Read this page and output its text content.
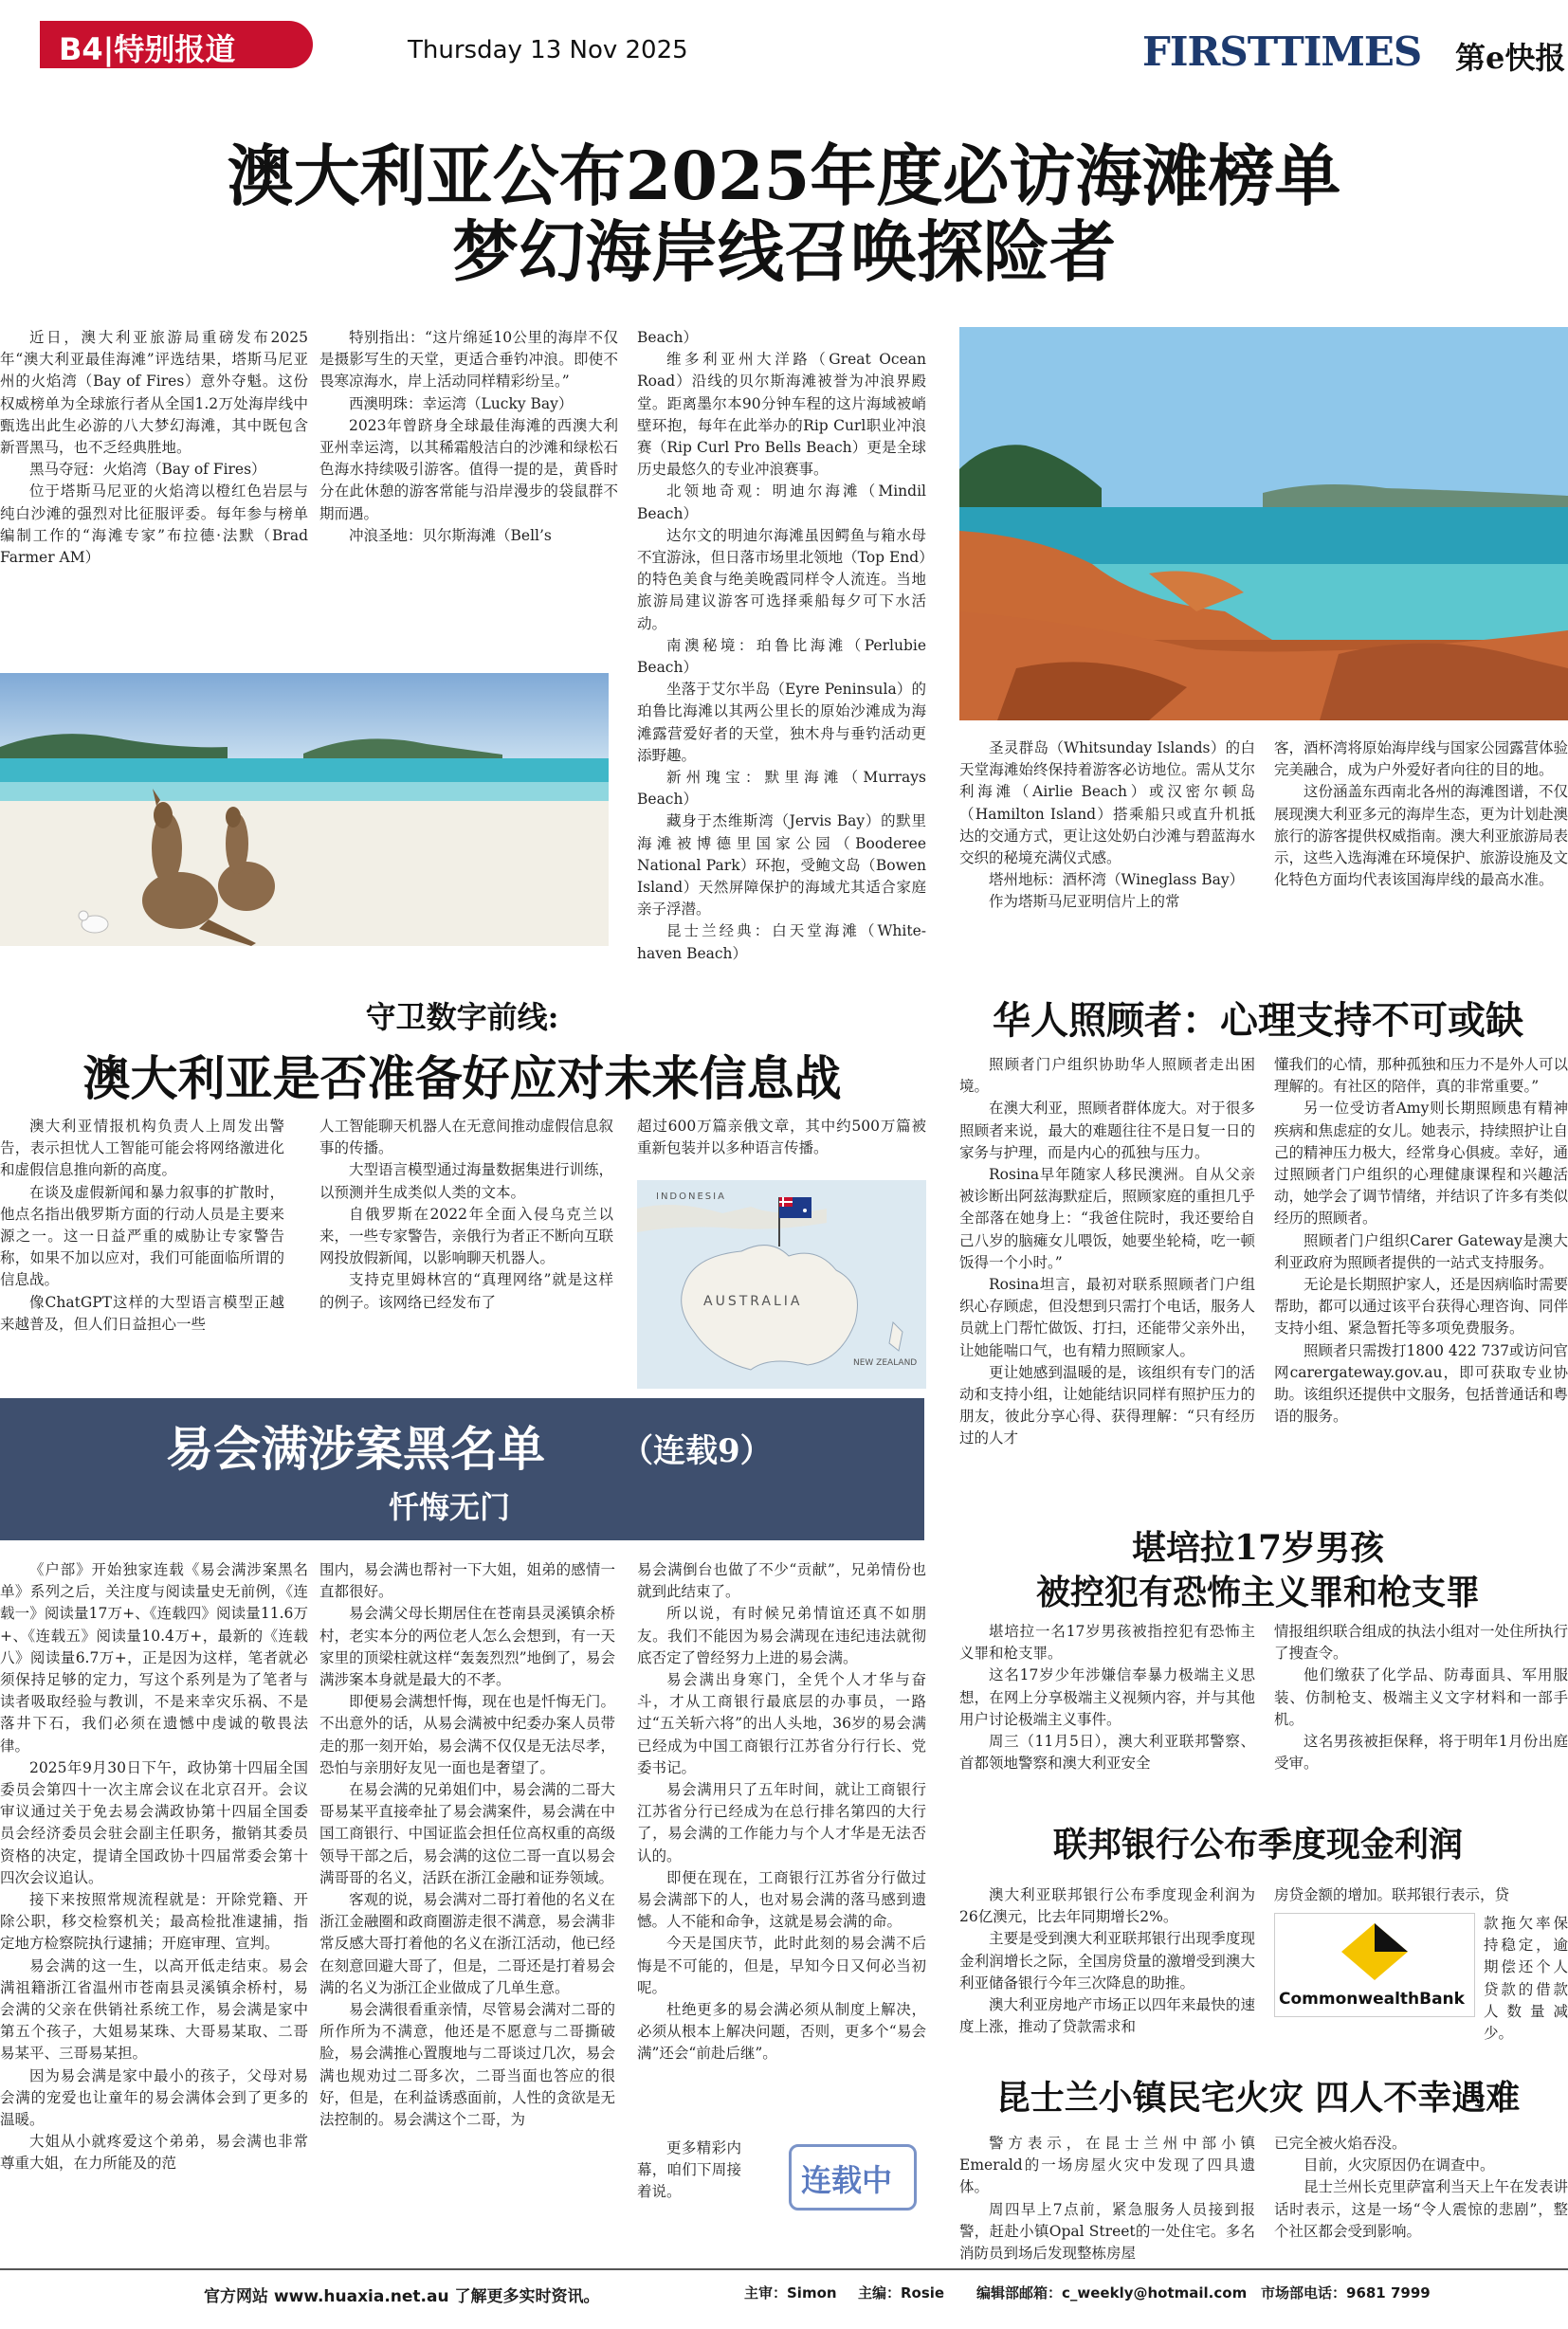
B4|特别报道	Thursday 13 Nov 2025	FIRSTTIMES 第e快报
澳大利亚公布2025年度必访海滩榜单
梦幻海岸线召唤探险者

近日，澳大利亚旅游局重磅发布2025年“澳大利亚最佳海滩”评选结果，塔斯马尼亚州的火焰湾（Bay of Fires）意外夺魁。这份权威榜单为全球旅行者从全国1.2万处海岸线中甄选出此生必游的八大梦幻海滩，其中既包含新晋黑马，也不乏经典胜地。

黑马夺冠：火焰湾（Bay of Fires）

位于塔斯马尼亚的火焰湾以橙红色岩层与纯白沙滩的强烈对比征服评委。每年参与榜单编制工作的“海滩专家”布拉德·法默（Brad Farmer AM）

特别指出：“这片绵延10公里的海岸不仅是摄影写生的天堂，更适合垂钓冲浪。即使不畏寒凉海水，岸上活动同样精彩纷呈。”

西澳明珠：幸运湾（Lucky Bay）

2023年曾跻身全球最佳海滩的西澳大利亚州幸运湾，以其稀霜般洁白的沙滩和绿松石色海水持续吸引游客。值得一提的是，黄昏时分在此休憩的游客常能与沿岸漫步的袋鼠群不期而遇。

冲浪圣地：贝尔斯海滩（Bell’s

Beach）

维多利亚州大洋路（Great Ocean Road）沿线的贝尔斯海滩被誉为冲浪界殿堂。距离墨尔本90分钟车程的这片海域被峭壁环抱，每年在此举办的Rip Curl职业冲浪赛（Rip Curl Pro Bells Beach）更是全球历史最悠久的专业冲浪赛事。

北领地奇观：明迪尔海滩（Mindil Beach）

达尔文的明迪尔海滩虽因鳄鱼与箱水母不宜游泳，但日落市场里北领地（Top End）的特色美食与绝美晚霞同样令人流连。当地旅游局建议游客可选择乘船每夕可下水活动。

南澳秘境：珀鲁比海滩（Perlubie Beach）

坐落于艾尔半岛（Eyre Peninsula）的珀鲁比海滩以其两公里长的原始沙滩成为海滩露营爱好者的天堂，独木舟与垂钓活动更添野趣。

新州瑰宝：默里海滩（Murrays Beach）

藏身于杰维斯湾（Jervis Bay）的默里海滩被博德里国家公园（Booderee National Park）环抱，受鲍文岛（Bowen Island）天然屏障保护的海域尤其适合家庭亲子浮潜。

昆士兰经典：白天堂海滩（White-haven Beach）

圣灵群岛（Whitsunday Islands）的白天堂海滩始终保持着游客必访地位。需从艾尔利海滩（Airlie Beach）或汉密尔顿岛（Hamilton Island）搭乘船只或直升机抵达的交通方式，更让这处奶白沙滩与碧蓝海水交织的秘境充满仪式感。

塔州地标：酒杯湾（Wineglass Bay）

作为塔斯马尼亚明信片上的常

客，酒杯湾将原始海岸线与国家公园露营体验完美融合，成为户外爱好者向往的目的地。

这份涵盖东西南北各州的海滩图谱，不仅展现澳大利亚多元的海岸生态，更为计划赴澳旅行的游客提供权威指南。澳大利亚旅游局表示，这些入选海滩在环境保护、旅游设施及文化特色方面均代表该国海岸线的最高水准。

守卫数字前线:
澳大利亚是否准备好应对未来信息战

澳大利亚情报机构负责人上周发出警告，表示担忧人工智能可能会将网络激进化和虚假信息推向新的高度。

在谈及虚假新闻和暴力叙事的扩散时，他点名指出俄罗斯方面的行动人员是主要来源之一。这一日益严重的威胁让专家警告称，如果不加以应对，我们可能面临所谓的信息战。

像ChatGPT这样的大型语言模型正越来越普及，但人们日益担心一些

人工智能聊天机器人在无意间推动虚假信息叙事的传播。

大型语言模型通过海量数据集进行训练，以预测并生成类似人类的文本。

自俄罗斯在2022年全面入侵乌克兰以来，一些专家警告，亲俄行为者正不断向互联网投放假新闻，以影响聊天机器人。

支持克里姆林宫的“真理网络”就是这样的例子。该网络已经发布了

超过600万篇亲俄文章，其中约500万篇被重新包装并以多种语言传播。

INDONESIA
AUSTRALIA
NEW ZEALAND
易会满涉案黑名单 （连载9）
忏悔无门

《户部》开始独家连载《易会满涉案黑名单》系列之后，关注度与阅读量史无前例，《连载一》阅读量17万+、《连载四》阅读量11.6万+、《连载五》阅读量10.4万+，最新的《连载八》阅读量6.7万+，正是因为这样，笔者就必须保持足够的定力，写这个系列是为了笔者与读者吸取经验与教训，不是来幸灾乐祸、不是落井下石，我们必须在遗憾中虔诚的敬畏法律。

2025年9月30日下午，政协第十四届全国委员会第四十一次主席会议在北京召开。会议审议通过关于免去易会满政协第十四届全国委员会经济委员会驻会副主任职务，撤销其委员资格的决定，提请全国政协十四届常委会第十四次会议追认。

接下来按照常规流程就是：开除党籍、开除公职，移交检察机关；最高检批准逮捕，指定地方检察院执行逮捕；开庭审理、宣判。

易会满的这一生，以高开低走结束。易会满祖籍浙江省温州市苍南县灵溪镇余桥村，易会满的父亲在供销社系统工作，易会满是家中第五个孩子，大姐易某珠、大哥易某取、二哥易某平、三哥易某担。

因为易会满是家中最小的孩子，父母对易会满的宠爱也让童年的易会满体会到了更多的温暖。

大姐从小就疼爱这个弟弟，易会满也非常尊重大姐，在力所能及的范

围内，易会满也帮衬一下大姐，姐弟的感情一直都很好。

易会满父母长期居住在苍南县灵溪镇余桥村，老实本分的两位老人怎么会想到，有一天家里的顶梁柱就这样“轰轰烈烈”地倒了，易会满涉案本身就是最大的不孝。

即便易会满想忏悔，现在也是忏悔无门。不出意外的话，从易会满被中纪委办案人员带走的那一刻开始，易会满不仅仅是无法尽孝，恐怕与亲朋好友见一面也是奢望了。

在易会满的兄弟姐们中，易会满的二哥大哥易某平直接牵扯了易会满案件，易会满在中国工商银行、中国证监会担任位高权重的高级领导干部之后，易会满的这位二哥一直以易会满哥哥的名义，活跃在浙江金融和证券领域。

客观的说，易会满对二哥打着他的名义在浙江金融圈和政商圈游走很不满意，易会满非常反感大哥打着他的名义在浙江活动，他已经在刻意回避大哥了，但是，二哥还是打着易会满的名义为浙江企业做成了几单生意。

易会满很看重亲情，尽管易会满对二哥的所作所为不满意，他还是不愿意与二哥撕破脸，易会满推心置腹地与二哥谈过几次，易会满也规劝过二哥多次，二哥当面也答应的很好，但是，在利益诱惑面前，人性的贪欲是无法控制的。易会满这个二哥，为

易会满倒台也做了不少“贡献”，兄弟情份也就到此结束了。

所以说，有时候兄弟情谊还真不如朋友。我们不能因为易会满现在违纪违法就彻底否定了曾经努力上进的易会满。

易会满出身寒门，全凭个人才华与奋斗，才从工商银行最底层的办事员，一路过“五关斩六将”的出人头地，36岁的易会满已经成为中国工商银行江苏省分行行长、党委书记。

易会满用只了五年时间，就让工商银行江苏省分行已经成为在总行排名第四的大行了，易会满的工作能力与个人才华是无法否认的。

即便在现在，工商银行江苏省分行做过易会满部下的人，也对易会满的落马感到遗憾。人不能和命争，这就是易会满的命。

今天是国庆节，此时此刻的易会满不后悔是不可能的，但是，早知今日又何必当初呢。

杜绝更多的易会满必须从制度上解决，必须从根本上解决问题，否则，更多个“易会满”还会“前赴后继”。

更多精彩内幕，咱们下周接着说。	连载中
华人照顾者：心理支持不可或缺

照顾者门户组织协助华人照顾者走出困境。

在澳大利亚，照顾者群体庞大。对于很多照顾者来说，最大的难题往往不是日复一日的家务与护理，而是内心的孤独与压力。

Rosina早年随家人移民澳洲。自从父亲被诊断出阿兹海默症后，照顾家庭的重担几乎全部落在她身上：“我爸住院时，我还要给自己八岁的脑瘫女儿喂饭，她要坐轮椅，吃一顿饭得一个小时。”

Rosina坦言，最初对联系照顾者门户组织心存顾虑，但没想到只需打个电话，服务人员就上门帮忙做饭、打扫，还能带父亲外出，让她能喘口气，也有精力照顾家人。

更让她感到温暖的是，该组织有专门的活动和支持小组，让她能结识同样有照护压力的朋友，彼此分享心得、获得理解：“只有经历过的人才

懂我们的心情，那种孤独和压力不是外人可以理解的。有社区的陪伴，真的非常重要。”

另一位受访者Amy则长期照顾患有精神疾病和焦虑症的女儿。她表示，持续照护让自己的精神压力极大，经常身心俱疲。幸好，通过照顾者门户组织的心理健康课程和兴趣活动，她学会了调节情绪，并结识了许多有类似经历的照顾者。

照顾者门户组织Carer Gateway是澳大利亚政府为照顾者提供的一站式支持服务。

无论是长期照护家人，还是因病临时需要帮助，都可以通过该平台获得心理咨询、同伴支持小组、紧急暂托等多项免费服务。

照顾者只需拨打1800 422 737或访问官网carergateway.gov.au，即可获取专业协助。该组织还提供中文服务，包括普通话和粤语的服务。

堪培拉17岁男孩
被控犯有恐怖主义罪和枪支罪

堪培拉一名17岁男孩被指控犯有恐怖主义罪和枪支罪。

这名17岁少年涉嫌信奉暴力极端主义思想，在网上分享极端主义视频内容，并与其他用户讨论极端主义事件。

周三（11月5日），澳大利亚联邦警察、首都领地警察和澳大利亚安全

情报组织联合组成的执法小组对一处住所执行了搜查令。

他们缴获了化学品、防毒面具、军用服装、仿制枪支、极端主义文字材料和一部手机。

这名男孩被拒保释，将于明年1月份出庭受审。

联邦银行公布季度现金利润

澳大利亚联邦银行公布季度现金利润为26亿澳元，比去年同期增长2%。

主要是受到澳大利亚联邦银行出现季度现金利润增长之际，全国房贷量的激增受到澳大利亚储备银行今年三次降息的助推。

澳大利亚房地产市场正以四年来最快的速度上涨，推动了贷款需求和

房贷金额的增加。联邦银行表示，贷

CommonwealthBank

款拖欠率保持稳定，逾期偿还个人贷款的借款人数量减少。

昆士兰小镇民宅火灾 四人不幸遇难

警方表示，在昆士兰州中部小镇Emerald的一场房屋火灾中发现了四具遗体。

周四早上7点前，紧急服务人员接到报警，赶赴小镇Opal Street的一处住宅。多名消防员到场后发现整栋房屋

已完全被火焰吞没。

目前，火灾原因仍在调查中。

昆士兰州长克里萨富利当天上午在发表讲话时表示，这是一场“令人震惊的悲剧”，整个社区都会受到影响。

官方网站 www.huaxia.net.au 了解更多实时资讯。	主审：Simon 主编：Rosie 编辑部邮箱：c_weekly@hotmail.com 市场部电话：9681 7999
